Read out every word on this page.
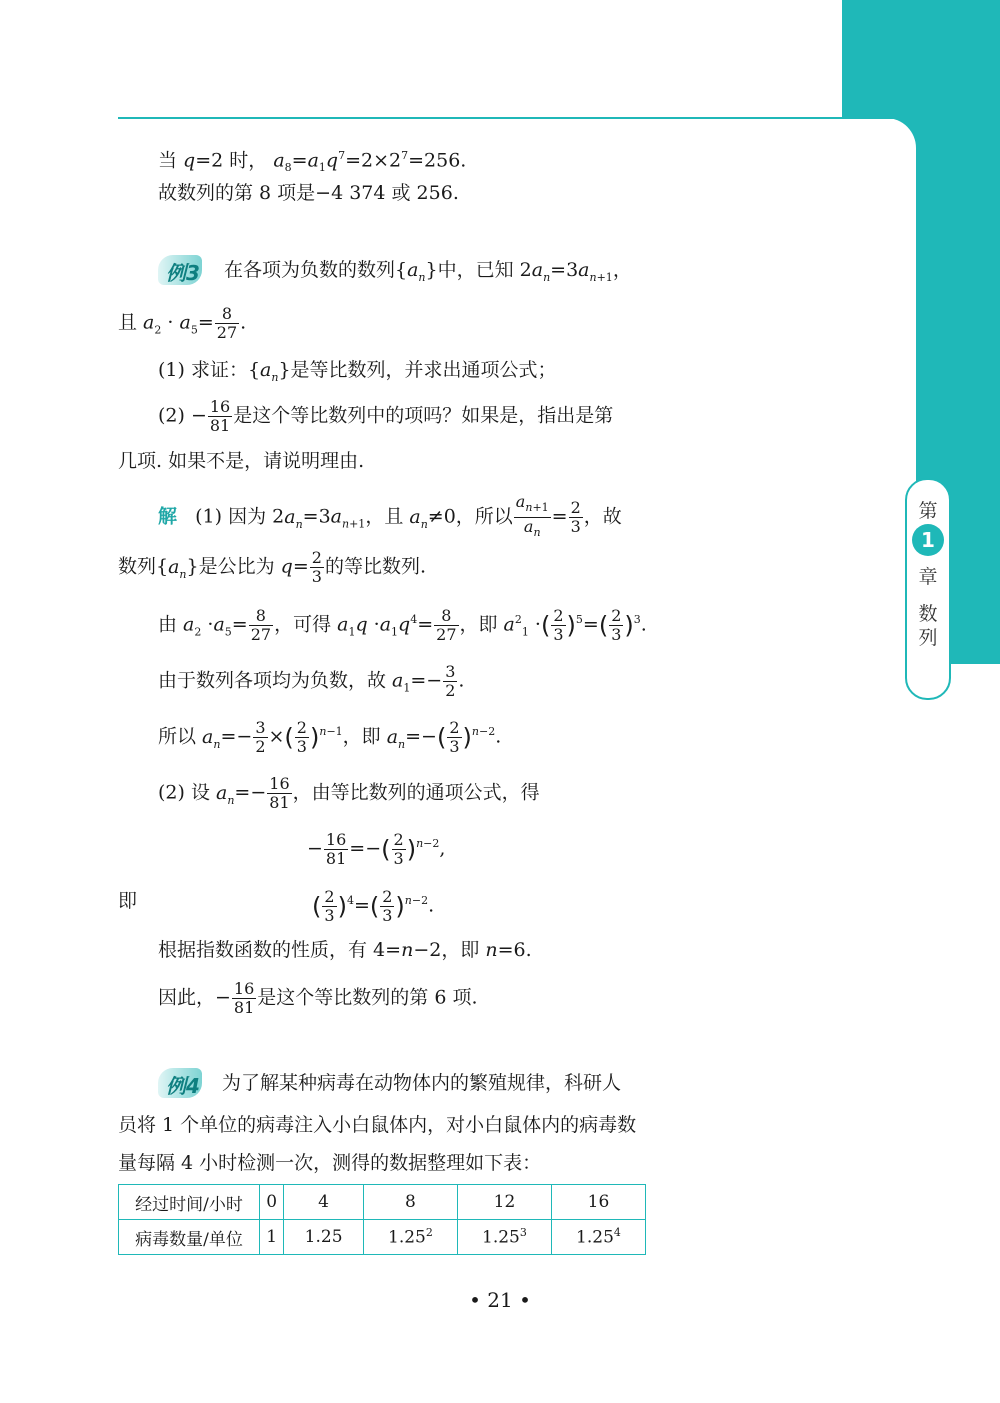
第
1
章
数
列
当 q=2 时， $a_8=a_1q^7=2\times 2^7=256$.
故数列的第 8 项是−4 374 或 256.
例3 在各项为负数的数列$\{a_n\}$中，已知 $2a_n=3a_{n+1}$，
且 $a_2 \cdot a_5= \frac{8}{27}$ .
(1) 求证：$\{a_n\}$是等比数列，并求出通项公式；
$(2) - \frac{16}{81}$ 是这个等比数列中的项吗？如果是，指出是第
几项. 如果不是，请说明理由.
解 (1) 因为 $2a_n=3a_{n+1}$，且 $a_n\ne 0$，所以 $\frac{a_{n+1}}{a_n} = \frac{2}{3}$ ，故
数列$\{a_n\}$是公比为 $q= \frac{2}{3}$ 的等比数列.
由 $a_2 \cdot a_5= \frac{8}{27}$ ，可得 $a_1q \cdot a_1q^4= \frac{8}{27}$ ，即 $a^2_1$ ·( $\frac{2}{3} )^5=( \frac{2}{3} )^3$.
由于数列各项均为负数，故 $a_1=- \frac{3}{2}$ .
所以 $a_n=- \frac{3}{2}$ ×( $\frac{2}{3} )^{n-1}$，即 $a_n=-( \frac{2}{3} )^{n-2}$.
(2) 设 $a_n=- \frac{16}{81}$ ，由等比数列的通项公式，得
− $\frac{16}{81}$ =−( $\frac{2}{3} )^{n-2}$,
即	( $\frac{2}{3} )^4=( \frac{2}{3} )^{n-2}$.
根据指数函数的性质，有 4=n−2，即 n=6.
因此，− $\frac{16}{81}$ 是这个等比数列的第 6 项.
例4 为了解某种病毒在动物体内的繁殖规律，科研人
员将 1 个单位的病毒注入小白鼠体内，对小白鼠体内的病毒数
量每隔 4 小时检测一次，测得的数据整理如下表：
经过时间/小时	0	4	8	12	16
病毒数量/单位	1	1.25	1.25$^2$	1.25$^3$	1.25$^4$
• 21 •
